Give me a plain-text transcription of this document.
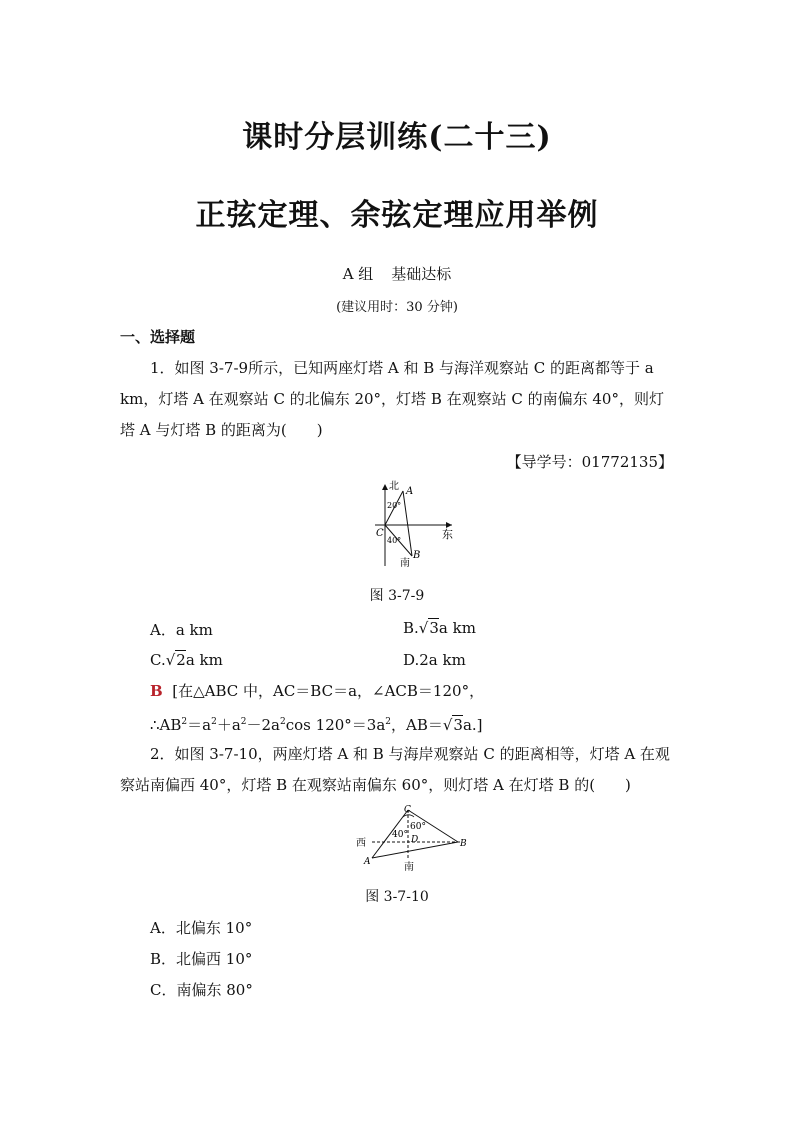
课时分层训练(二十三)
正弦定理、余弦定理应用举例
A 组 基础达标
(建议用时：30 分钟)
一、选择题
1．如图 3-7-9所示，已知两座灯塔 A 和 B 与海洋观察站 C 的距离都等于 a
km，灯塔 A 在观察站 C 的北偏东 20°，灯塔 B 在观察站 C 的南偏东 40°，则灯
塔 A 与灯塔 B 的距离为(　　)
【导学号：01772135】
北 A
20°
C
40°
B
南
东
图 3-7-9
A．a km	B.√3a km
C.√2a km	D.2a km
B [在△ABC 中，AC＝BC＝a，∠ACB＝120°，
$\therefore AB^2=a^2+a^2-2a^2\cos$ $120^\circ=3a^2$，AB＝√3a.]
2．如图 3-7-10，两座灯塔 A 和 B 与海岸观察站 C 的距离相等，灯塔 A 在观
察站南偏西 40°，灯塔 B 在观察站南偏东 60°，则灯塔 A 在灯塔 B 的(　　)
C
60°
40° D
西
A
B
南
图 3-7-10
A．北偏东 10°
B．北偏西 10°
C．南偏东 80°
